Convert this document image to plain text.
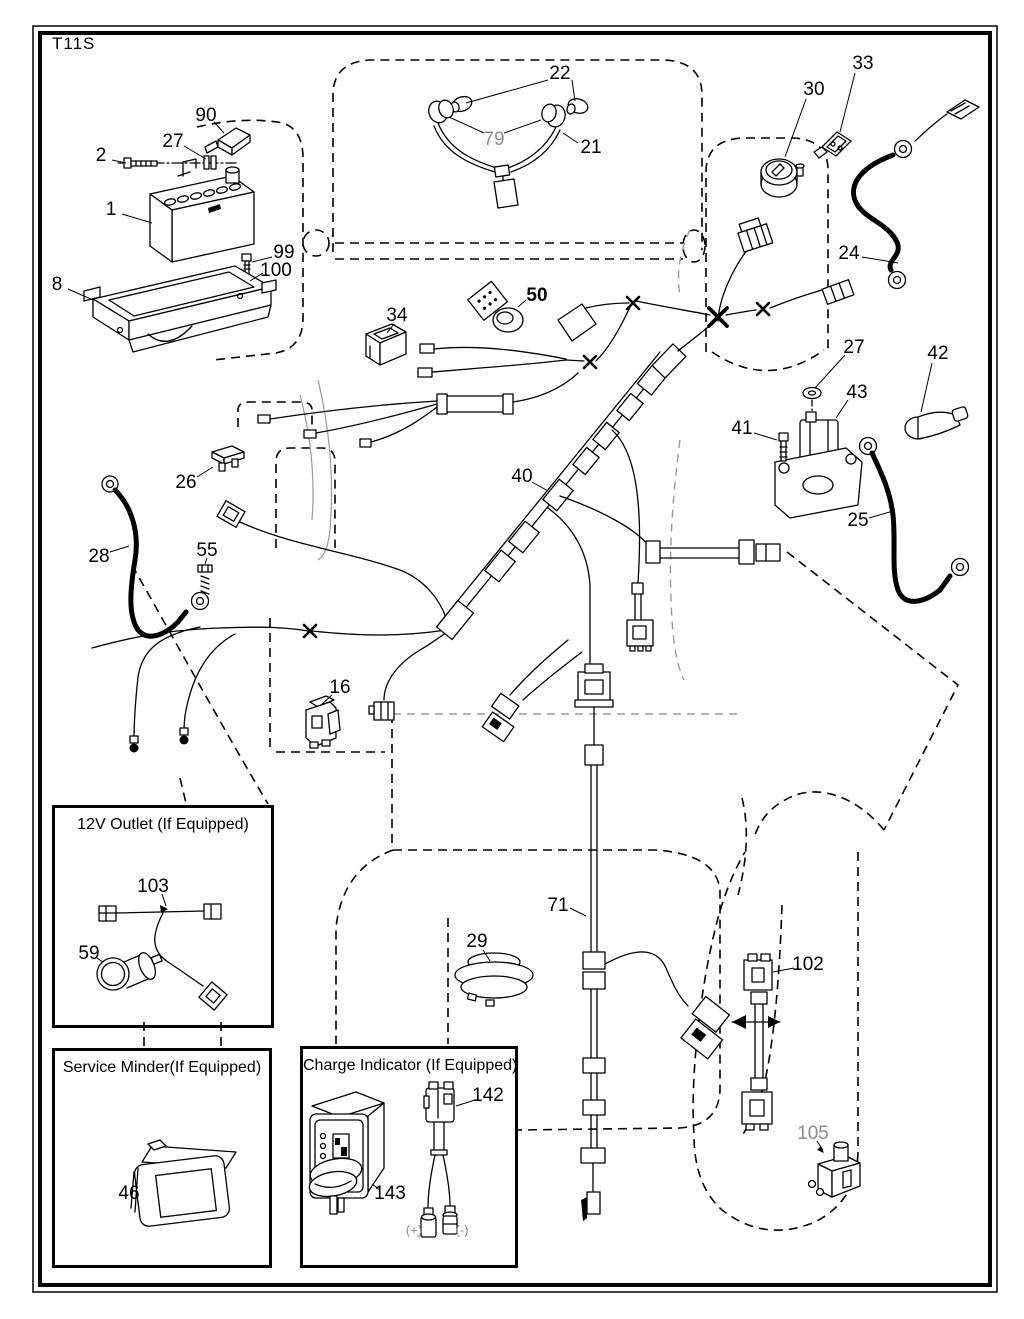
T11S
12V Outlet (If Equipped)
Service Minder(If Equipped)	Charge Indicator (If Equipped)
(+)	(-)
1
2
8
16
21
22
24
25
26
27
27
28
29
30
33
34
40
41
42
43
46
50
55
59
71
79
90
99
100
102
103
105
142
143
